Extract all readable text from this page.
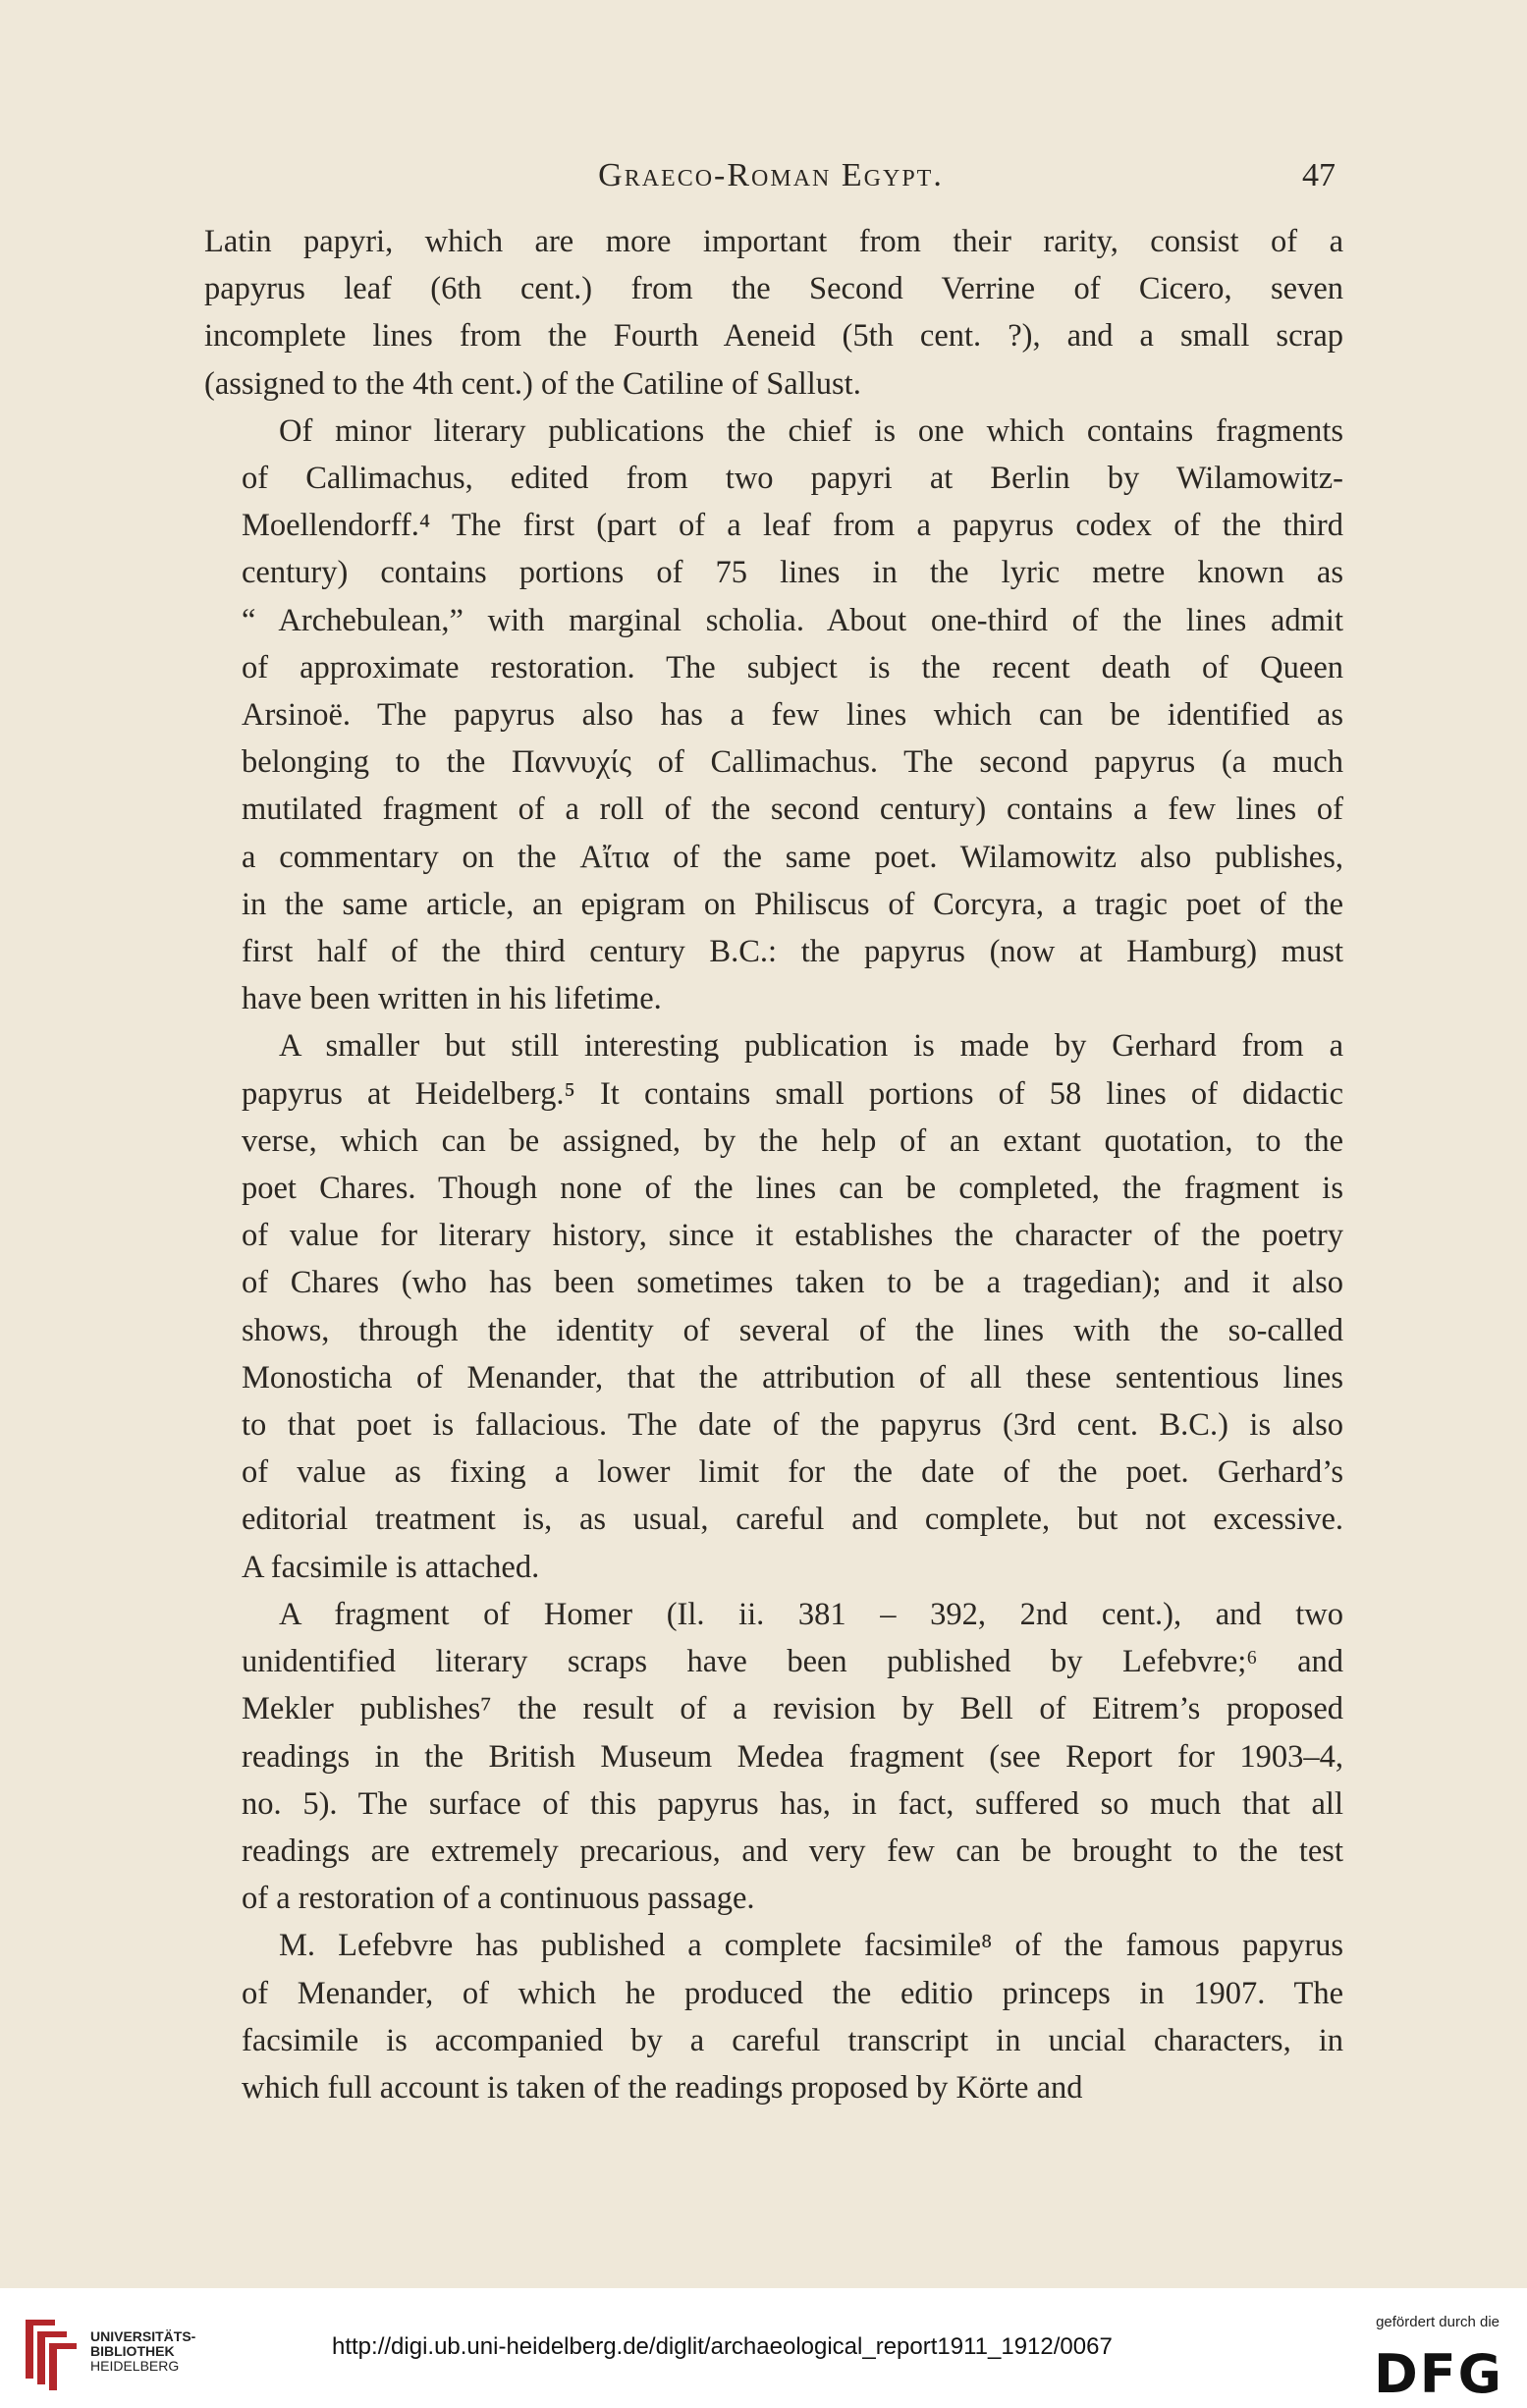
Graeco-Roman Egypt.	47
Latin papyri, which are more important from their rarity, consist of a
papyrus leaf (6th cent.) from the Second Verrine of Cicero, seven
incomplete lines from the Fourth Aeneid (5th cent. ?), and a small scrap
(assigned to the 4th cent.) of the Catiline of Sallust.
Of minor literary publications the chief is one which contains fragments
of Callimachus, edited from two papyri at Berlin by Wilamowitz-
Moellendorff.⁴ The first (part of a leaf from a papyrus codex of the third
century) contains portions of 75 lines in the lyric metre known as
“ Archebulean,” with marginal scholia. About one-third of the lines admit
of approximate restoration. The subject is the recent death of Queen
Arsinoë. The papyrus also has a few lines which can be identified as
belonging to the Παννυχίς of Callimachus. The second papyrus (a much
mutilated fragment of a roll of the second century) contains a few lines of
a commentary on the Αἴτια of the same poet. Wilamowitz also publishes,
in the same article, an epigram on Philiscus of Corcyra, a tragic poet of the
first half of the third century B.C.: the papyrus (now at Hamburg) must
have been written in his lifetime.
A smaller but still interesting publication is made by Gerhard from a
papyrus at Heidelberg.⁵ It contains small portions of 58 lines of didactic
verse, which can be assigned, by the help of an extant quotation, to the
poet Chares. Though none of the lines can be completed, the fragment is
of value for literary history, since it establishes the character of the poetry
of Chares (who has been sometimes taken to be a tragedian); and it also
shows, through the identity of several of the lines with the so-called
Monosticha of Menander, that the attribution of all these sententious lines
to that poet is fallacious. The date of the papyrus (3rd cent. B.C.) is also
of value as fixing a lower limit for the date of the poet. Gerhard’s
editorial treatment is, as usual, careful and complete, but not excessive.
A facsimile is attached.
A fragment of Homer (Il. ii. 381 – 392, 2nd cent.), and two
unidentified literary scraps have been published by Lefebvre;⁶ and
Mekler publishes⁷ the result of a revision by Bell of Eitrem’s proposed
readings in the British Museum Medea fragment (see Report for 1903–4,
no. 5). The surface of this papyrus has, in fact, suffered so much that all
readings are extremely precarious, and very few can be brought to the test
of a restoration of a continuous passage.
M. Lefebvre has published a complete facsimile⁸ of the famous papyrus
of Menander, of which he produced the editio princeps in 1907. The
facsimile is accompanied by a careful transcript in uncial characters, in
which full account is taken of the readings proposed by Körte and
UNIVERSITÄTS-
BIBLIOTHEK
HEIDELBERG
http://digi.ub.uni-heidelberg.de/diglit/archaeological_report1911_1912/0067
gefördert durch die
DFG
